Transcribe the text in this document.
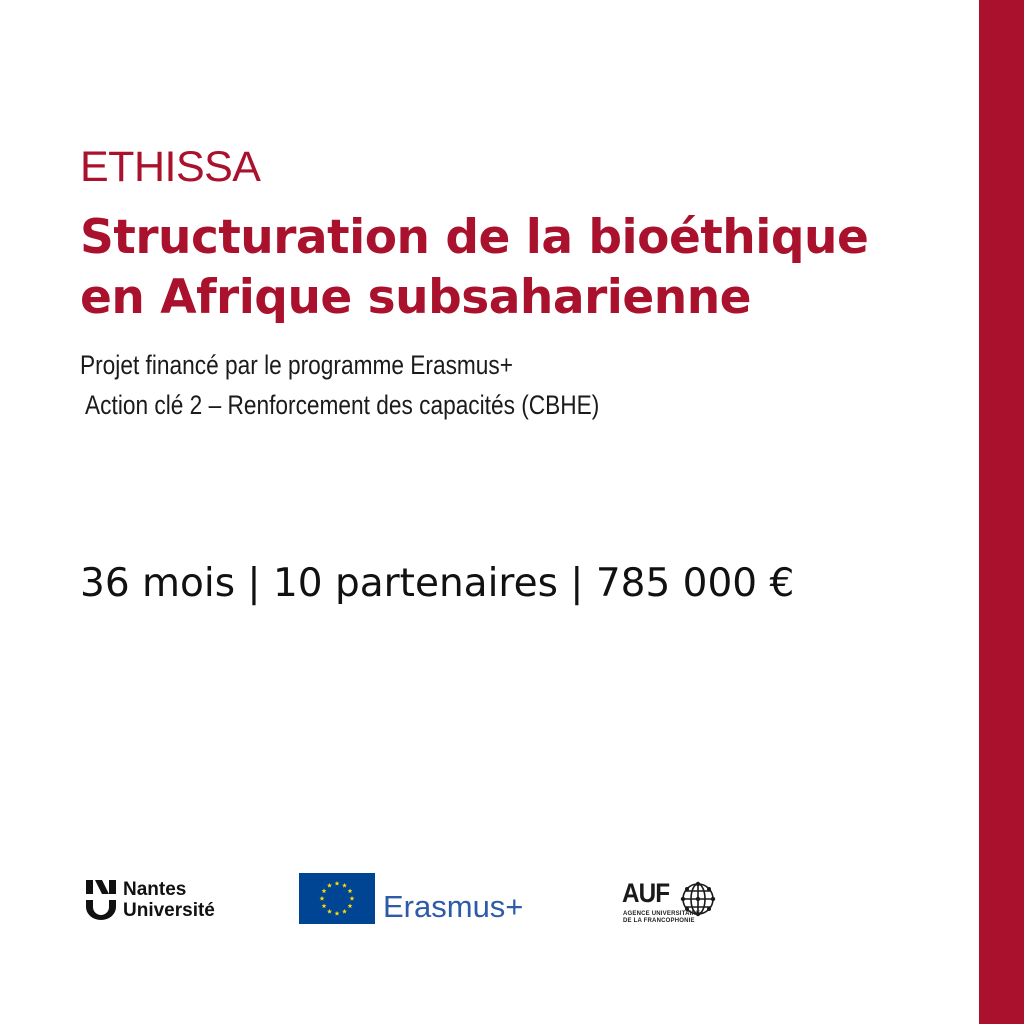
ETHISSA
Structuration de la bioéthique
en Afrique subsaharienne
Projet financé par le programme Erasmus+
Action clé 2 – Renforcement des capacités (CBHE)
36 mois | 10 partenaires | 785 000 €
Nantes
Université	Erasmus+	AUF
AGENCE UNIVERSITAIRE
DE LA FRANCOPHONIE
